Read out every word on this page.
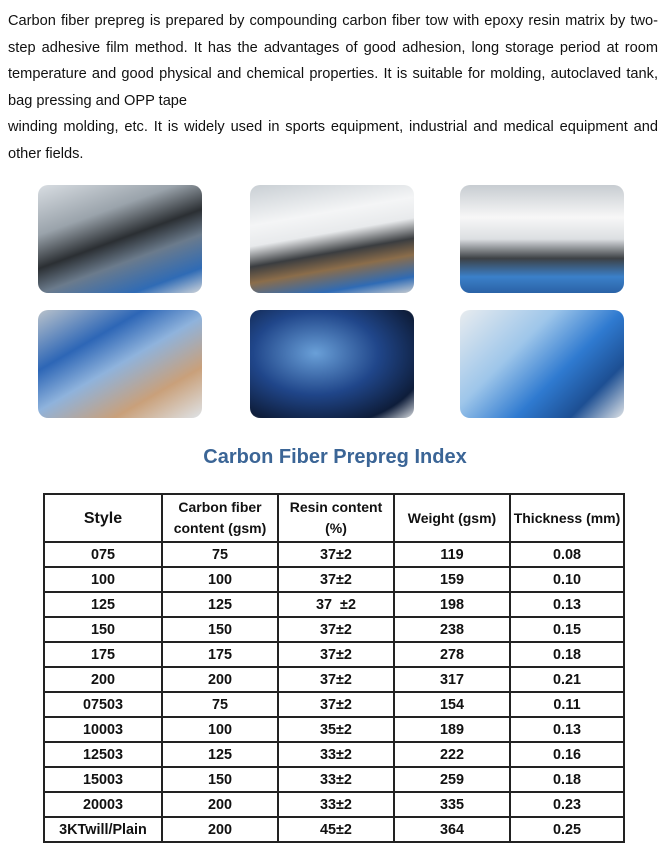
Carbon fiber prepreg is prepared by compounding carbon fiber tow with epoxy resin matrix by two-step adhesive film method. It has the advantages of good adhesion, long storage period at room temperature and good physical and chemical properties. It is suitable for molding, autoclaved tank, bag pressing and OPP tape

winding molding, etc. It is widely used in sports equipment, industrial and medical equipment and other fields.

Carbon Fiber Prepreg Index
Style	Carbon fiber content (gsm)	Resin content (%)	Weight (gsm)	Thickness (mm)
075	75	37±2	119	0.08
100	100	37±2	159	0.10
125	125	37  ±2	198	0.13
150	150	37±2	238	0.15
175	175	37±2	278	0.18
200	200	37±2	317	0.21
07503	75	37±2	154	0.11
10003	100	35±2	189	0.13
12503	125	33±2	222	0.16
15003	150	33±2	259	0.18
20003	200	33±2	335	0.23
3KTwill/Plain	200	45±2	364	0.25
